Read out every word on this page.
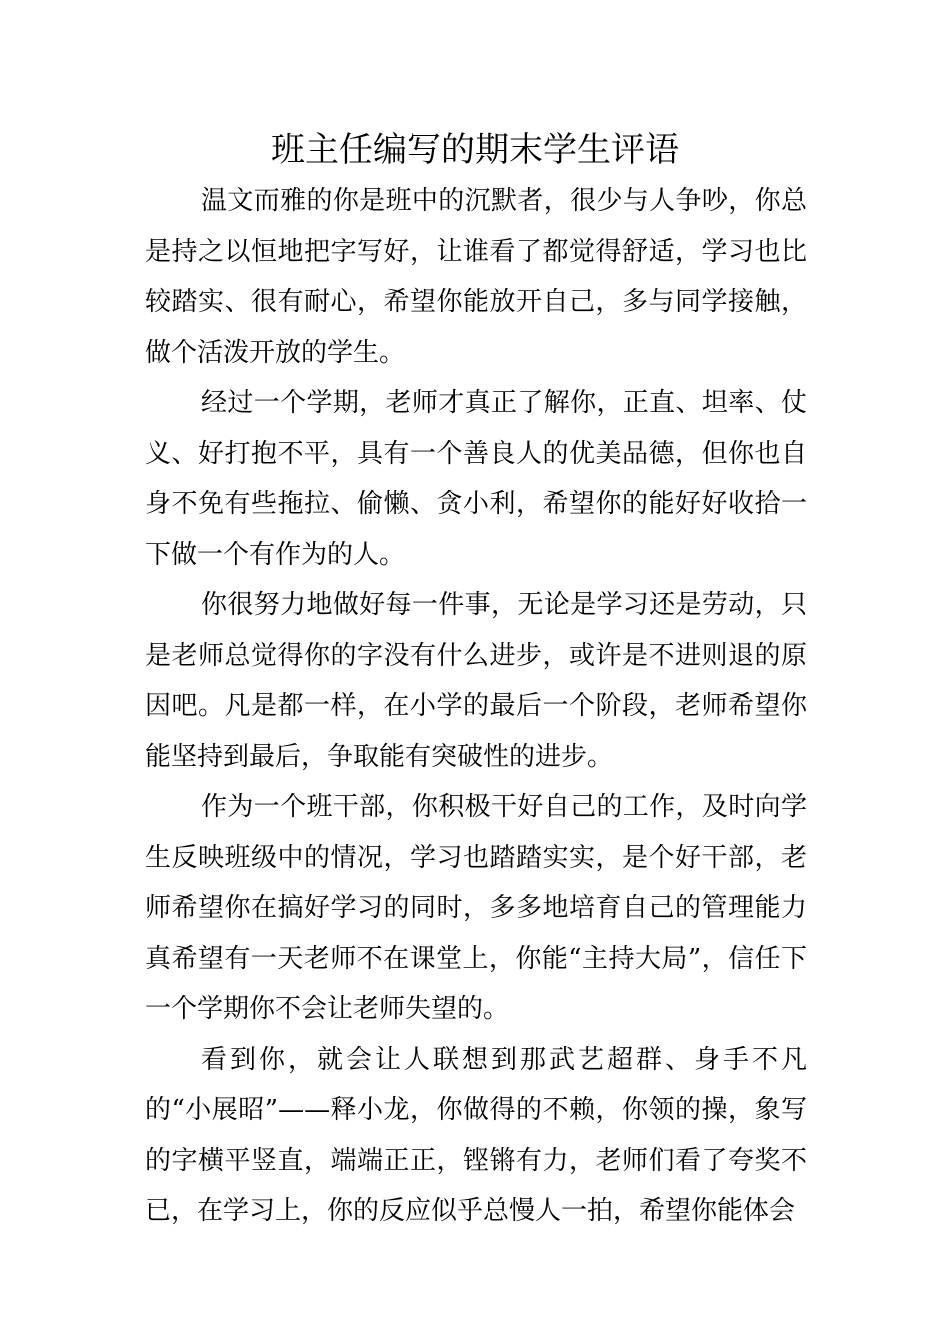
班主任编写的期末学生评语

温文而雅的你是班中的沉默者，很少与人争吵，你总是持之以恒地把字写好，让谁看了都觉得舒适，学习也比较踏实、很有耐心，希望你能放开自己，多与同学接触，做个活泼开放的学生。

经过一个学期，老师才真正了解你，正直、坦率、仗义、好打抱不平，具有一个善良人的优美品德，但你也自身不免有些拖拉、偷懒、贪小利，希望你的能好好收拾一下做一个有作为的人。

你很努力地做好每一件事，无论是学习还是劳动，只是老师总觉得你的字没有什么进步，或许是不进则退的原因吧。凡是都一样，在小学的最后一个阶段，老师希望你能坚持到最后，争取能有突破性的进步。

作为一个班干部，你积极干好自己的工作，及时向学生反映班级中的情况，学习也踏踏实实，是个好干部，老师希望你在搞好学习的同时，多多地培育自己的管理能力真希望有一天老师不在课堂上，你能“主持大局”，信任下一个学期你不会让老师失望的。

看到你，就会让人联想到那武艺超群、身手不凡的“小展昭”——释小龙，你做得的不赖，你领的操，象写的字横平竖直，端端正正，铿锵有力，老师们看了夸奖不已，在学习上，你的反应似乎总慢人一拍，希望你能体会
